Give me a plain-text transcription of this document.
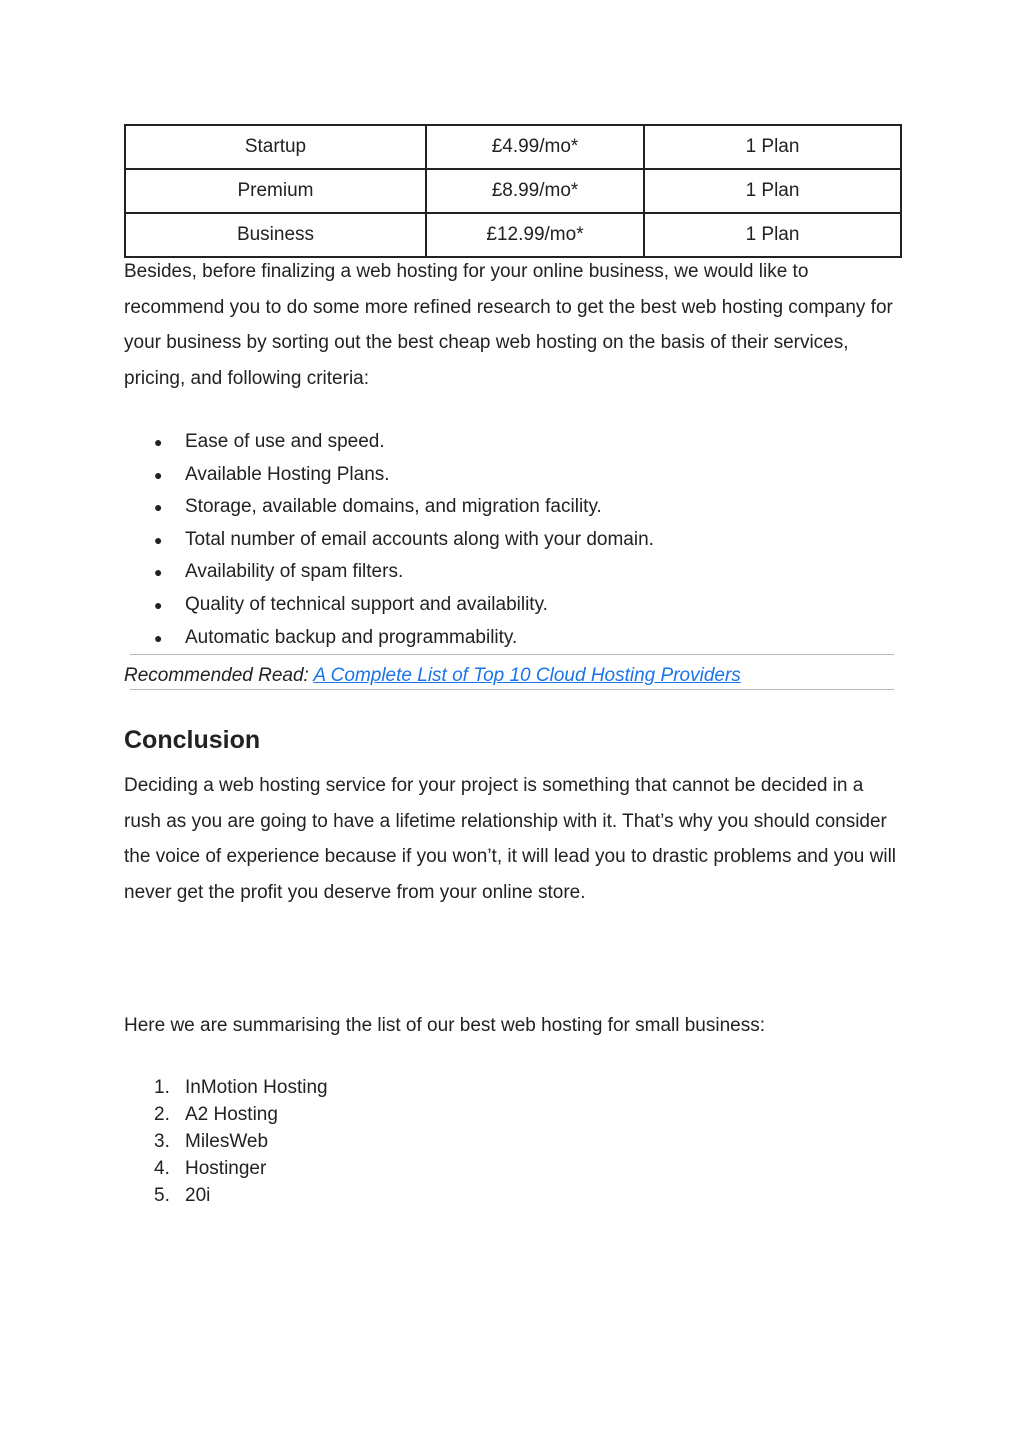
Startup	£4.99/mo*	1 Plan
Premium	£8.99/mo*	1 Plan
Business	£12.99/mo*	1 Plan

Besides, before finalizing a web hosting for your online business, we would like to recommend you to do some more refined research to get the best web hosting company for your business by sorting out the best cheap web hosting on the basis of their services, pricing, and following criteria:

● Ease of use and speed.
● Available Hosting Plans.
● Storage, available domains, and migration facility.
● Total number of email accounts along with your domain.
● Availability of spam filters.
● Quality of technical support and availability.
● Automatic backup and programmability.
Recommended Read: A Complete List of Top 10 Cloud Hosting Providers
Conclusion

Deciding a web hosting service for your project is something that cannot be decided in a rush as you are going to have a lifetime relationship with it. That’s why you should consider the voice of experience because if you won’t, it will lead you to drastic problems and you will never get the profit you deserve from your online store.

Here we are summarising the list of our best web hosting for small business:

1. InMotion Hosting
2. A2 Hosting
3. MilesWeb
4. Hostinger
5. 20i
